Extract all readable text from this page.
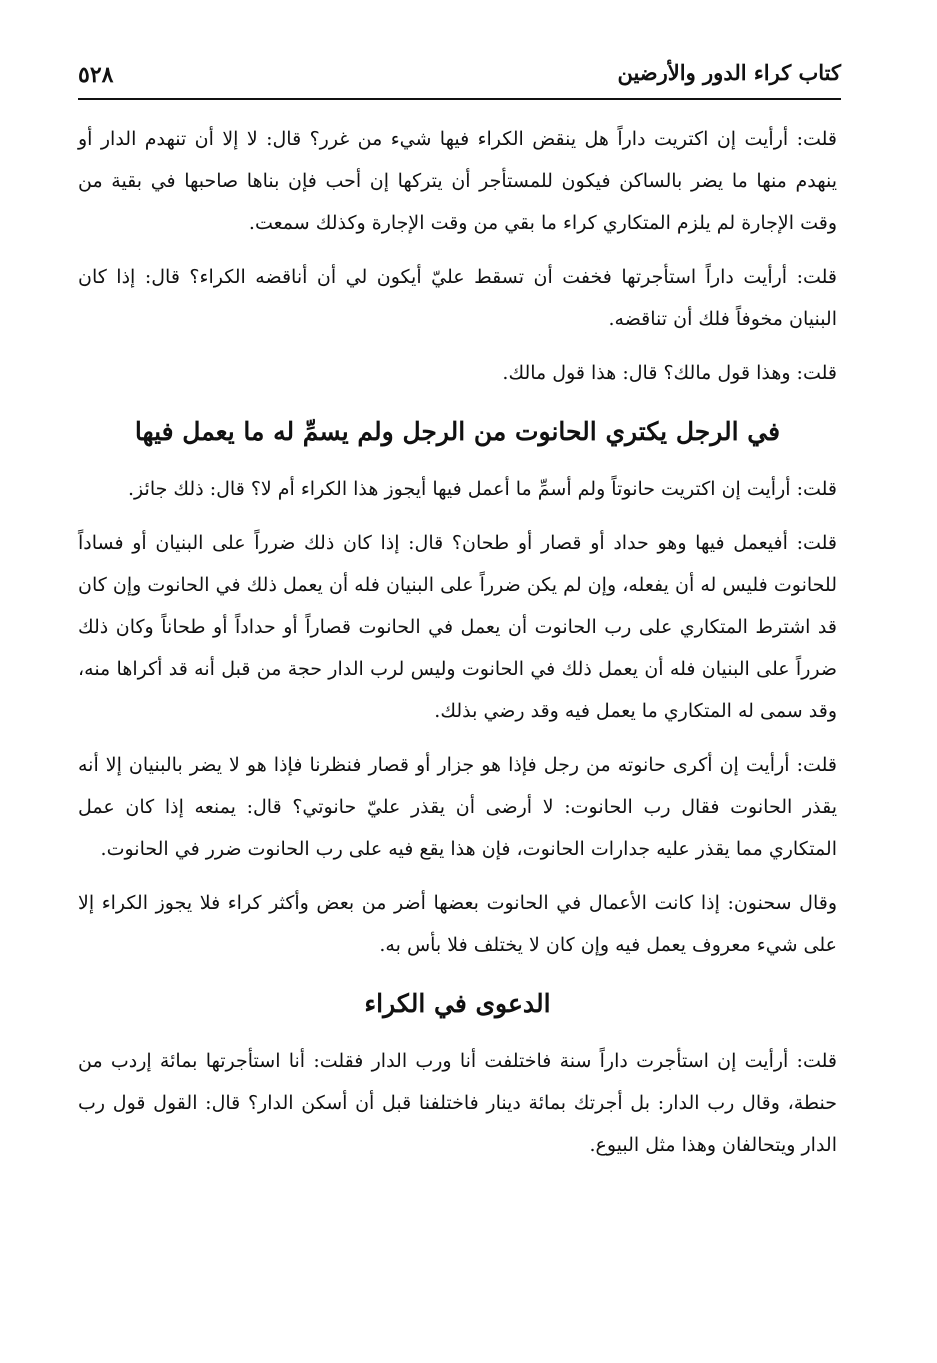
كتاب كراء الدور والأرضين
٥٢٨

قلت: أرأيت إن اكتريت داراً هل ينقض الكراء فيها شيء من غرر؟ قال: لا إلا أن تنهدم الدار أو ينهدم منها ما يضر بالساكن فيكون للمستأجر أن يتركها إن أحب فإن بناها صاحبها في بقية من وقت الإجارة لم يلزم المتكاري كراء ما بقي من وقت الإجارة وكذلك سمعت.

قلت: أرأيت داراً استأجرتها فخفت أن تسقط عليّ أيكون لي أن أناقضه الكراء؟ قال: إذا كان البنيان مخوفاً فلك أن تناقضه.

قلت: وهذا قول مالك؟ قال: هذا قول مالك.

في الرجل يكتري الحانوت من الرجل ولم يسمِّ له ما يعمل فيها

قلت: أرأيت إن اكتريت حانوتاً ولم أسمِّ ما أعمل فيها أيجوز هذا الكراء أم لا؟ قال: ذلك جائز.

قلت: أفيعمل فيها وهو حداد أو قصار أو طحان؟ قال: إذا كان ذلك ضرراً على البنيان أو فساداً للحانوت فليس له أن يفعله، وإن لم يكن ضرراً على البنيان فله أن يعمل ذلك في الحانوت وإن كان قد اشترط المتكاري على رب الحانوت أن يعمل في الحانوت قصاراً أو حداداً أو طحاناً وكان ذلك ضرراً على البنيان فله أن يعمل ذلك في الحانوت وليس لرب الدار حجة من قبل أنه قد أكراها منه، وقد سمى له المتكاري ما يعمل فيه وقد رضي بذلك.

قلت: أرأيت إن أكرى حانوته من رجل فإذا هو جزار أو قصار فنظرنا فإذا هو لا يضر بالبنيان إلا أنه يقذر الحانوت فقال رب الحانوت: لا أرضى أن يقذر عليّ حانوتي؟ قال: يمنعه إذا كان عمل المتكاري مما يقذر عليه جدارات الحانوت، فإن هذا يقع فيه على رب الحانوت ضرر في الحانوت.

وقال سحنون: إذا كانت الأعمال في الحانوت بعضها أضر من بعض وأكثر كراء فلا يجوز الكراء إلا على شيء معروف يعمل فيه وإن كان لا يختلف فلا بأس به.

الدعوى في الكراء

قلت: أرأيت إن استأجرت داراً سنة فاختلفت أنا ورب الدار فقلت: أنا استأجرتها بمائة إردب من حنطة، وقال رب الدار: بل أجرتك بمائة دينار فاختلفنا قبل أن أسكن الدار؟ قال: القول قول رب الدار ويتحالفان وهذا مثل البيوع.
